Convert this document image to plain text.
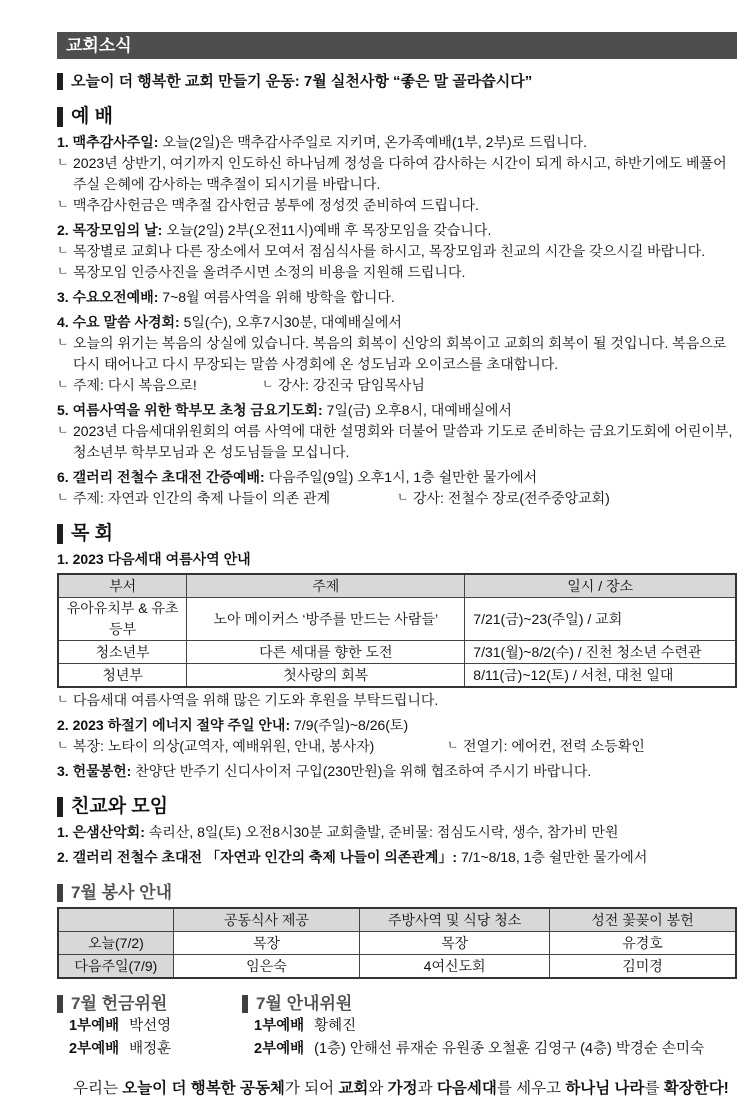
교회소식
오늘이 더 행복한 교회 만들기 운동: 7월 실천사항 “좋은 말 골라씁시다”
예 배
1. 맥추감사주일: 오늘(2일)은 맥추감사주일로 지키며, 온가족예배(1부, 2부)로 드립니다.
ㄴ 2023년 상반기, 여기까지 인도하신 하나님께 정성을 다하여 감사하는 시간이 되게 하시고, 하반기에도 베풀어주실 은혜에 감사하는 맥추절이 되시기를 바랍니다.
ㄴ 맥추감사헌금은 맥추절 감사헌금 봉투에 정성껏 준비하여 드립니다.
2. 목장모임의 날: 오늘(2일) 2부(오전11시)예배 후 목장모임을 갖습니다.
ㄴ 목장별로 교회나 다른 장소에서 모여서 점심식사를 하시고, 목장모임과 친교의 시간을 갖으시길 바랍니다.
ㄴ 목장모임 인증사진을 올려주시면 소정의 비용을 지원해 드립니다.
3. 수요오전예배: 7~8월 여름사역을 위해 방학을 합니다.
4. 수요 말씀 사경회: 5일(수), 오후7시30분, 대예배실에서
ㄴ 오늘의 위기는 복음의 상실에 있습니다. 복음의 회복이 신앙의 회복이고 교회의 회복이 될 것입니다. 복음으로 다시 태어나고 다시 무장되는 말씀 사경회에 온 성도님과 오이코스를 초대합니다.
ㄴ 주제: 다시 복음으로!	ㄴ 강사: 강진국 담임목사님
5. 여름사역을 위한 학부모 초청 금요기도회: 7일(금) 오후8시, 대예배실에서
ㄴ 2023년 다음세대위원회의 여름 사역에 대한 설명회와 더불어 말씀과 기도로 준비하는 금요기도회에 어린이부, 청소년부 학부모님과 온 성도님들을 모십니다.
6. 갤러리 전철수 초대전 간증예배: 다음주일(9일) 오후1시, 1층 쉴만한 물가에서
ㄴ 주제: 자연과 인간의 축제 나들이 의존 관계	ㄴ 강사: 전철수 장로(전주중앙교회)
목 회
1. 2023 다음세대 여름사역 안내
부서	주제	일시 / 장소
유아유치부 & 유초등부	노아 메이커스 ‘방주를 만드는 사람들’	7/21(금)~23(주일) / 교회
청소년부	다른 세대를 향한 도전	7/31(월)~8/2(수) / 진천 청소년 수련관
청년부	첫사랑의 회복	8/11(금)~12(토) / 서천, 대천 일대
ㄴ 다음세대 여름사역을 위해 많은 기도와 후원을 부탁드립니다.
2. 2023 하절기 에너지 절약 주일 안내: 7/9(주일)~8/26(토)
ㄴ 복장: 노타이 의상(교역자, 예배위원, 안내, 봉사자)	ㄴ 전열기: 에어컨, 전력 소등확인
3. 헌물봉헌: 찬양단 반주기 신디사이저 구입(230만원)을 위해 협조하여 주시기 바랍니다.
친교와 모임
1. 은샘산악회: 속리산, 8일(토) 오전8시30분 교회출발, 준비물: 점심도시락, 생수, 참가비 만원
2. 갤러리 전철수 초대전 「자연과 인간의 축제 나들이 의존관계」: 7/1~8/18, 1층 쉴만한 물가에서
7월 봉사 안내
	공동식사 제공	주방사역 및 식당 청소	성전 꽃꽂이 봉헌
오늘(7/2)	목장	목장	유경호
다음주일(7/9)	임은숙	4여신도회	김미경
7월 헌금위원
1부예배 박선영
2부예배 배정훈
7월 안내위원
1부예배 황혜진
2부예배 (1층) 안해선 류재순 유원종 오철훈 김영구 (4층) 박경순 손미숙
우리는 오늘이 더 행복한 공동체가 되어 교회와 가정과 다음세대를 세우고 하나님 나라를 확장한다!
